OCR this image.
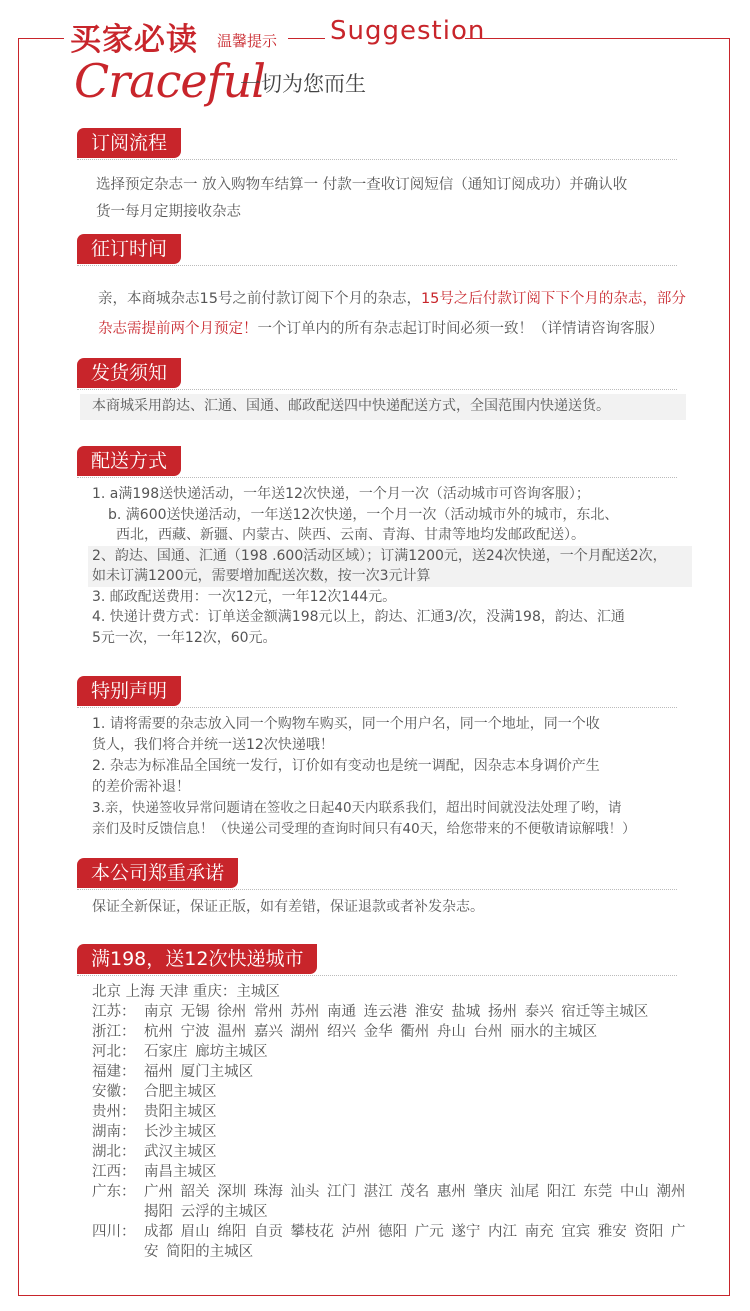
买家必读 温馨提示 Suggestion
Craceful
一切为您而生
订阅流程
选择预定杂志一 放入购物车结算一 付款一查收订阅短信（通知订阅成功）并确认收
货一每月定期接收杂志
征订时间
亲，本商城杂志15号之前付款订阅下个月的杂志，15号之后付款订阅下下个月的杂志，部分
杂志需提前两个月预定！一个订单内的所有杂志起订时间必须一致！（详情请咨询客服）
发货须知
本商城采用韵达、汇通、国通、邮政配送四中快递配送方式，全国范围内快递送货。
配送方式
1. a满198送快递活动，一年送12次快递，一个月一次（活动城市可咨询客服）；
b. 满600送快递活动，一年送12次快递，一个月一次（活动城市外的城市，东北、
西北，西藏、新疆、内蒙古、陕西、云南、青海、甘肃等地均发邮政配送）。
2、韵达、国通、汇通（198 .600活动区域）；订满1200元，送24次快递，一个月配送2次，
如未订满1200元，需要增加配送次数，按一次3元计算
3. 邮政配送费用：一次12元，一年12次144元。
4. 快递计费方式：订单送金额满198元以上，韵达、汇通3/次，没满198，韵达、汇通
5元一次，一年12次，60元。
特别声明
1. 请将需要的杂志放入同一个购物车购买，同一个用户名，同一个地址，同一个收
货人，我们将合并统一送12次快递哦！
2. 杂志为标准品全国统一发行，订价如有变动也是统一调配，因杂志本身调价产生
的差价需补退！
3.亲，快递签收异常问题请在签收之日起40天内联系我们，超出时间就没法处理了哟，请
亲们及时反馈信息！（快递公司受理的查询时间只有40天，给您带来的不便敬请谅解哦！）
本公司郑重承诺
保证全新保证，保证正版，如有差错，保证退款或者补发杂志。
满198，送12次快递城市
北京 上海 天津 重庆：主城区
江苏： 南京 无锡 徐州 常州 苏州 南通 连云港 淮安 盐城 扬州 泰兴 宿迁等主城区
浙江： 杭州 宁波 温州 嘉兴 湖州 绍兴 金华 衢州 舟山 台州 丽水的主城区
河北： 石家庄 廊坊主城区
福建： 福州 厦门主城区
安徽： 合肥主城区
贵州： 贵阳主城区
湖南： 长沙主城区
湖北： 武汉主城区
江西： 南昌主城区
广东： 广州 韶关 深圳 珠海 汕头 江门 湛江 茂名 惠州 肇庆 汕尾 阳江 东莞 中山 潮州 揭阳 云浮的主城区
四川： 成都 眉山 绵阳 自贡 攀枝花 泸州 德阳 广元 遂宁 内江 南充 宜宾 雅安 资阳 广安 简阳的主城区
